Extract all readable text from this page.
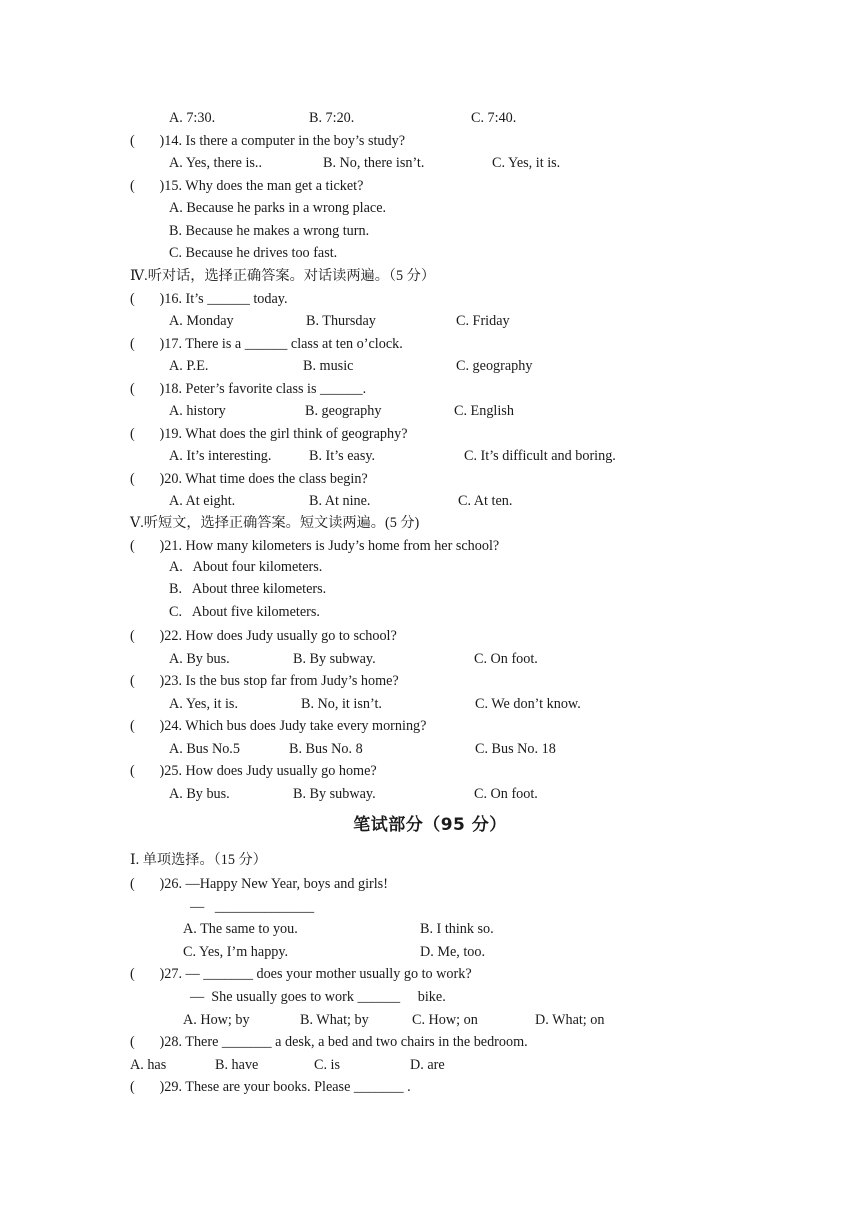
A. 7:30.	B. 7:20.	C. 7:40.
(       )14. Is there a computer in the boy’s study?
A. Yes, there is..	B. No, there isn’t.	C. Yes, it is.
(       )15. Why does the man get a ticket?
A. Because he parks in a wrong place.
B. Because he makes a wrong turn.
C. Because he drives too fast.
Ⅳ.听对话，选择正确答案。对话读两遍。（5 分）
(       )16. It’s ______ today.
A. Monday	B. Thursday	C. Friday
(       )17. There is a ______ class at ten o’clock.
A. P.E.	B. music	C. geography
(       )18. Peter’s favorite class is ______.
A. history	B. geography	C. English
(       )19. What does the girl think of geography?
A. It’s interesting.	B. It’s easy.	C. It’s difficult and boring.
(       )20. What time does the class begin?
A. At eight.	B. At nine.	C. At ten.
Ⅴ.听短文，选择正确答案。短文读两遍。(5 分)
(       )21. How many kilometers is Judy’s home from her school?
A.   About four kilometers.
B.   About three kilometers.
C.   About five kilometers.
(       )22. How does Judy usually go to school?
A. By bus.	B. By subway.	C. On foot.
(       )23. Is the bus stop far from Judy’s home?
A. Yes, it is.	B. No, it isn’t.	C. We don’t know.
(       )24. Which bus does Judy take every morning?
A. Bus No.5	B. Bus No. 8	C. Bus No. 18
(       )25. How does Judy usually go home?
A. By bus.	B. By subway.	C. On foot.
笔试部分（95 分）
Ⅰ. 单项选择。（15 分）
(       )26. —Happy New Year, boys and girls!
—   ______________
A. The same to you.	B. I think so.
C. Yes, I’m happy.	D. Me, too.
(       )27. — _______ does your mother usually go to work?
—  She usually goes to work ______     bike.
A. How; by	B. What; by	C. How; on	D. What; on
(       )28. There _______ a desk, a bed and two chairs in the bedroom.
A. has	B. have	C. is	D. are
(       )29. These are your books. Please _______ .
